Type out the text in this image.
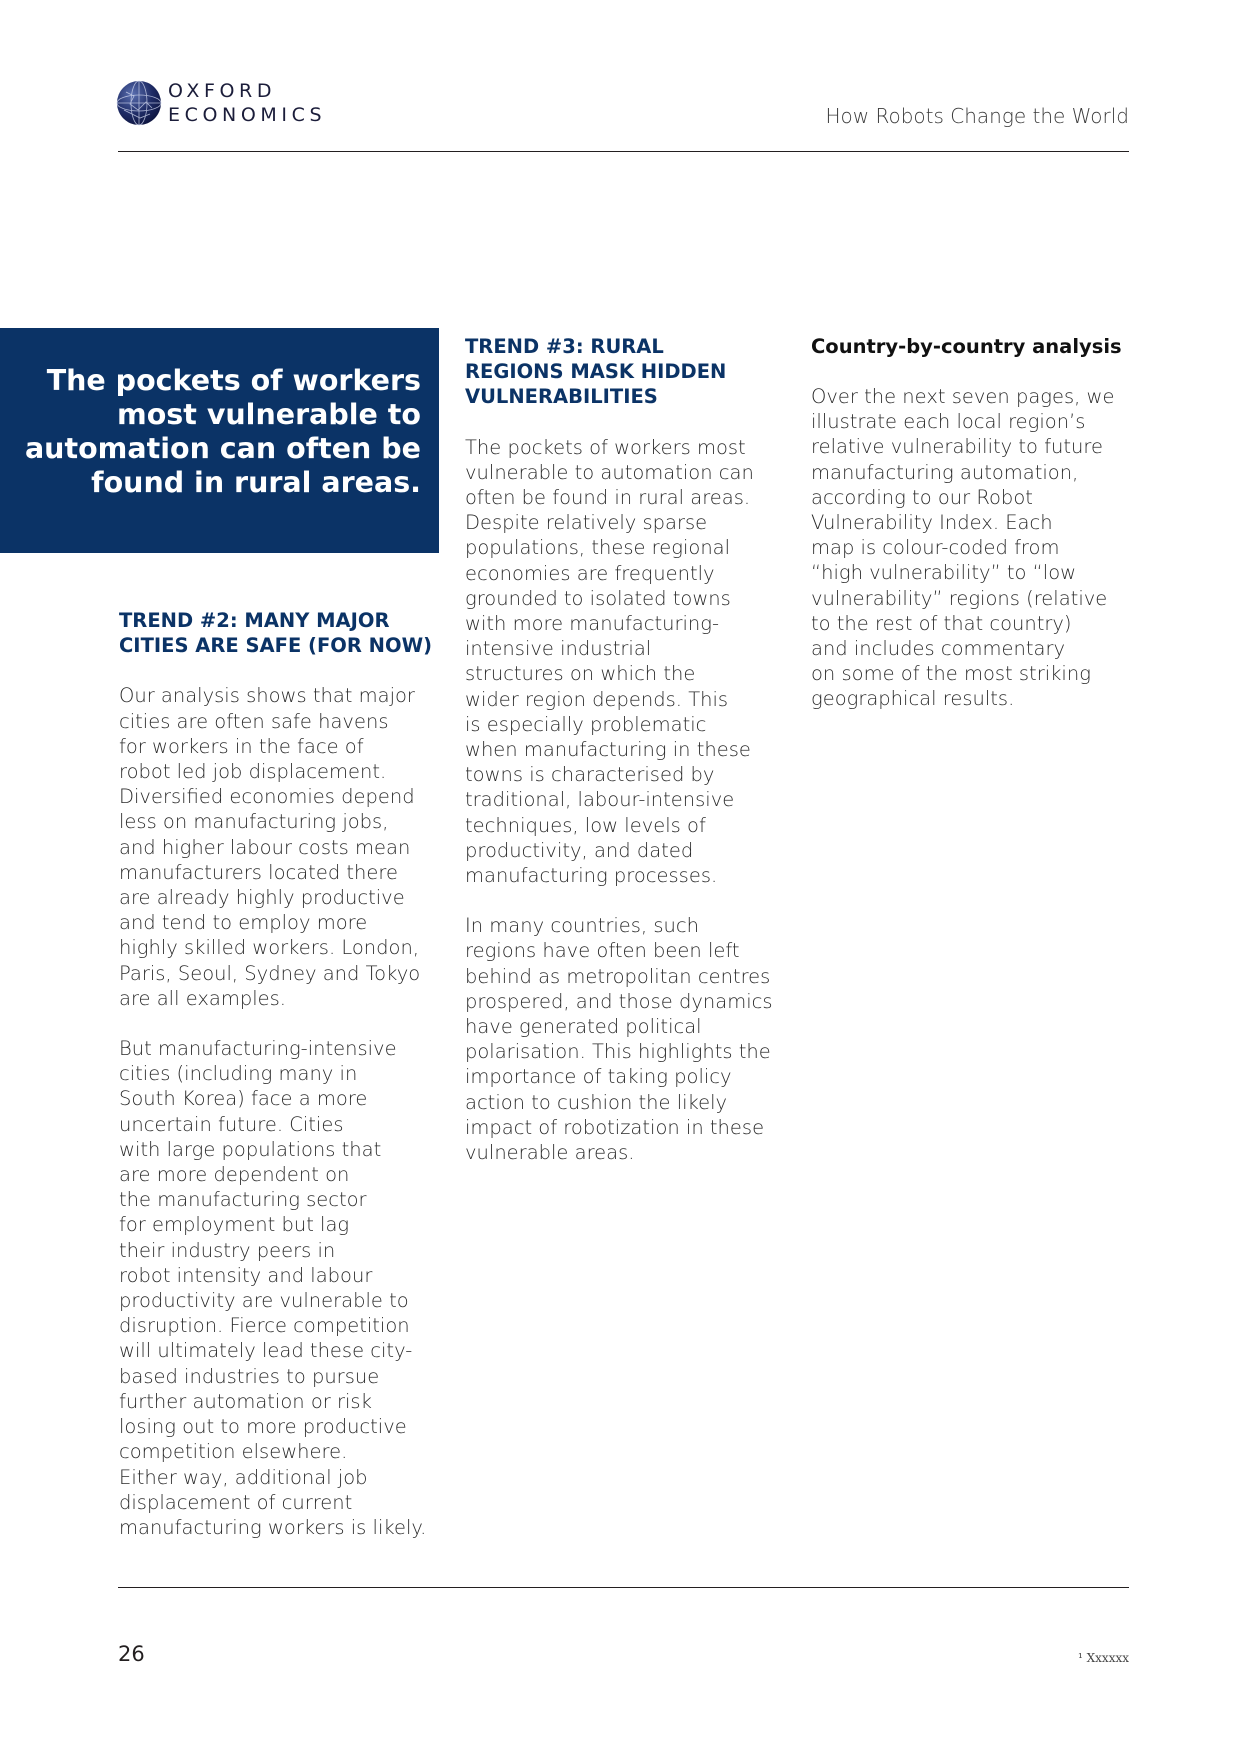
OXFORD
ECONOMICS	How Robots Change the World
The pockets of workers most vulnerable to automation can often be found in rural areas.
TREND #2: MANY MAJOR
CITIES ARE SAFE (FOR NOW)
Our analysis shows that major
cities are often safe havens
for workers in the face of
robot led job displacement.
Diversified economies depend
less on manufacturing jobs,
and higher labour costs mean
manufacturers located there
are already highly productive
and tend to employ more
highly skilled workers. London,
Paris, Seoul, Sydney and Tokyo
are all examples.
But manufacturing-intensive
cities (including many in
South Korea) face a more
uncertain future. Cities
with large populations that
are more dependent on
the manufacturing sector
for employment but lag
their industry peers in
robot intensity and labour
productivity are vulnerable to
disruption. Fierce competition
will ultimately lead these city-
based industries to pursue
further automation or risk
losing out to more productive
competition elsewhere.
Either way, additional job
displacement of current
manufacturing workers is likely.
TREND #3: RURAL
REGIONS MASK HIDDEN
VULNERABILITIES
The pockets of workers most
vulnerable to automation can
often be found in rural areas.
Despite relatively sparse
populations, these regional
economies are frequently
grounded to isolated towns
with more manufacturing-
intensive industrial
structures on which the
wider region depends. This
is especially problematic
when manufacturing in these
towns is characterised by
traditional, labour-intensive
techniques, low levels of
productivity, and dated
manufacturing processes.
In many countries, such
regions have often been left
behind as metropolitan centres
prospered, and those dynamics
have generated political
polarisation. This highlights the
importance of taking policy
action to cushion the likely
impact of robotization in these
vulnerable areas.
Country-by-country analysis
Over the next seven pages, we
illustrate each local region’s
relative vulnerability to future
manufacturing automation,
according to our Robot
Vulnerability Index. Each
map is colour-coded from
“high vulnerability” to “low
vulnerability” regions (relative
to the rest of that country)
and includes commentary
on some of the most striking
geographical results.
26	¹ Xxxxxx
